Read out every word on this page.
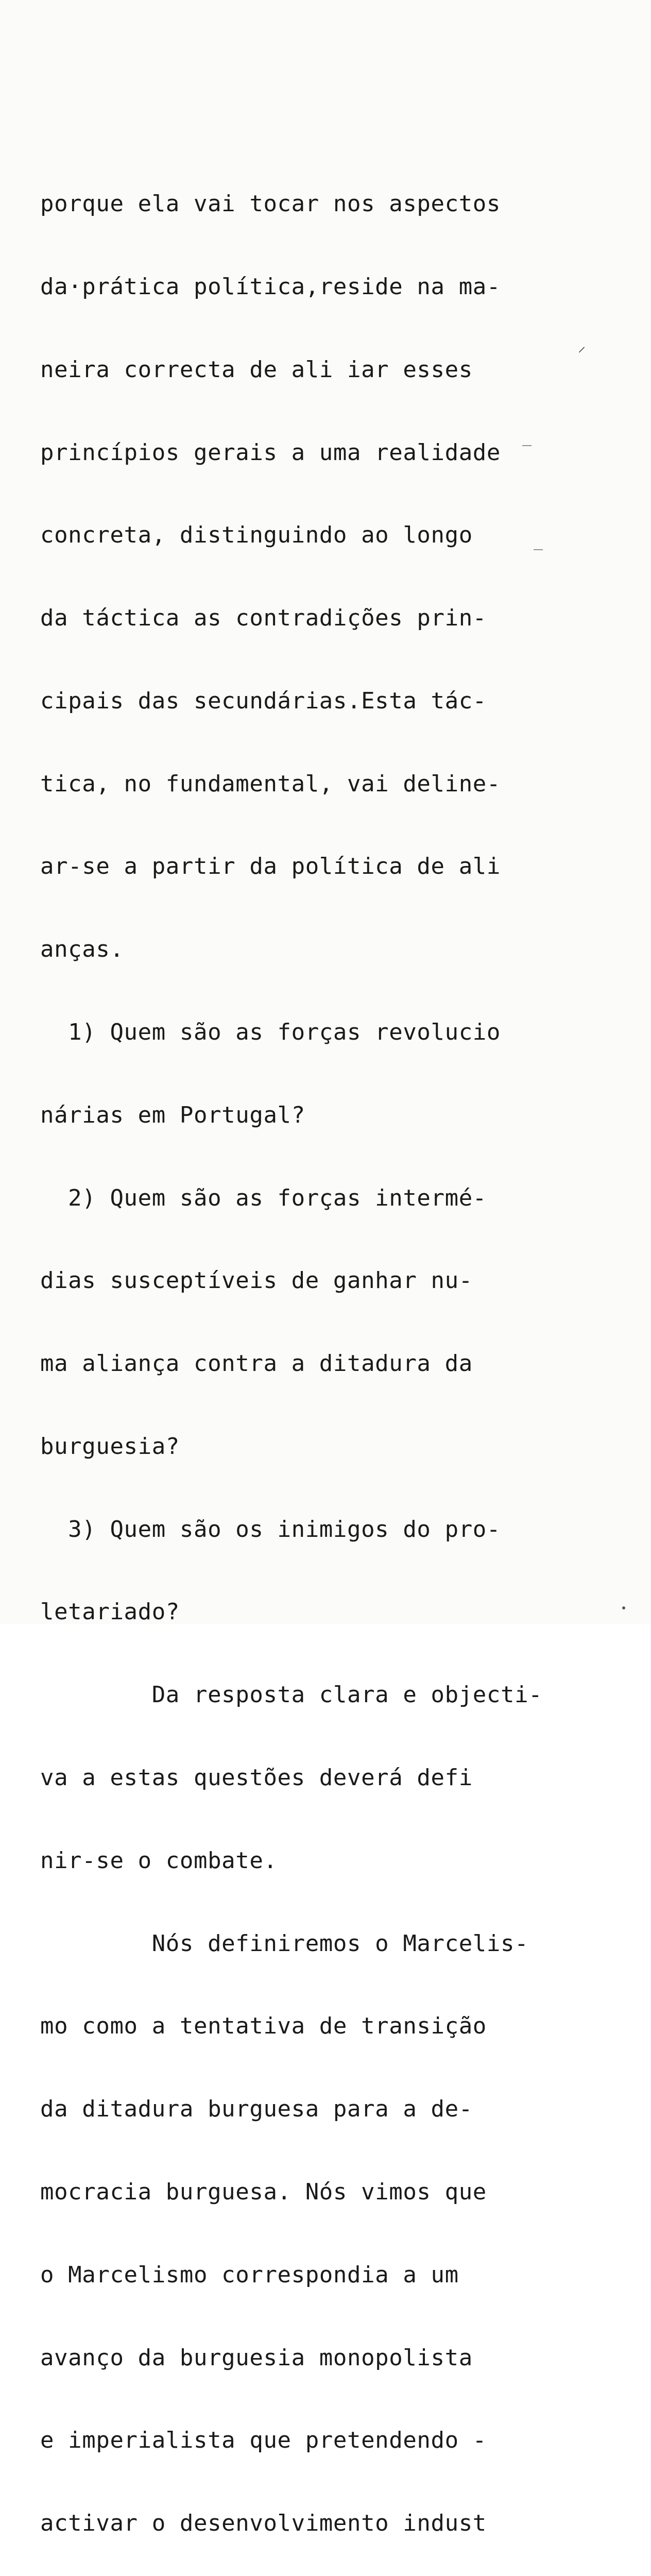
porque ela vai tocar nos aspectos

da·prática política,reside na ma-

neira correcta de ali iar esses

princípios gerais a uma realidade

concreta, distinguindo ao longo

da táctica as contradições prin-

cipais das secundárias.Esta tác-

tica, no fundamental, vai deline-

ar-se a partir da política de ali

anças.

1) Quem são as forças revolucio

nárias em Portugal?

2) Quem são as forças intermé-

dias susceptíveis de ganhar nu-

ma aliança contra a ditadura da

burguesia?

3) Quem são os inimigos do pro-

letariado?

Da resposta clara e objecti-

va a estas questões deverá defi

nir-se o combate.

Nós definiremos o Marcelis-

mo como a tentativa de transição

da ditadura burguesa para a de-

mocracia burguesa. Nós vimos que

o Marcelismo correspondia a um

avanço da burguesia monopolista

e imperialista que pretendendo -

activar o desenvolvimento indust

‾
‾
⸝
